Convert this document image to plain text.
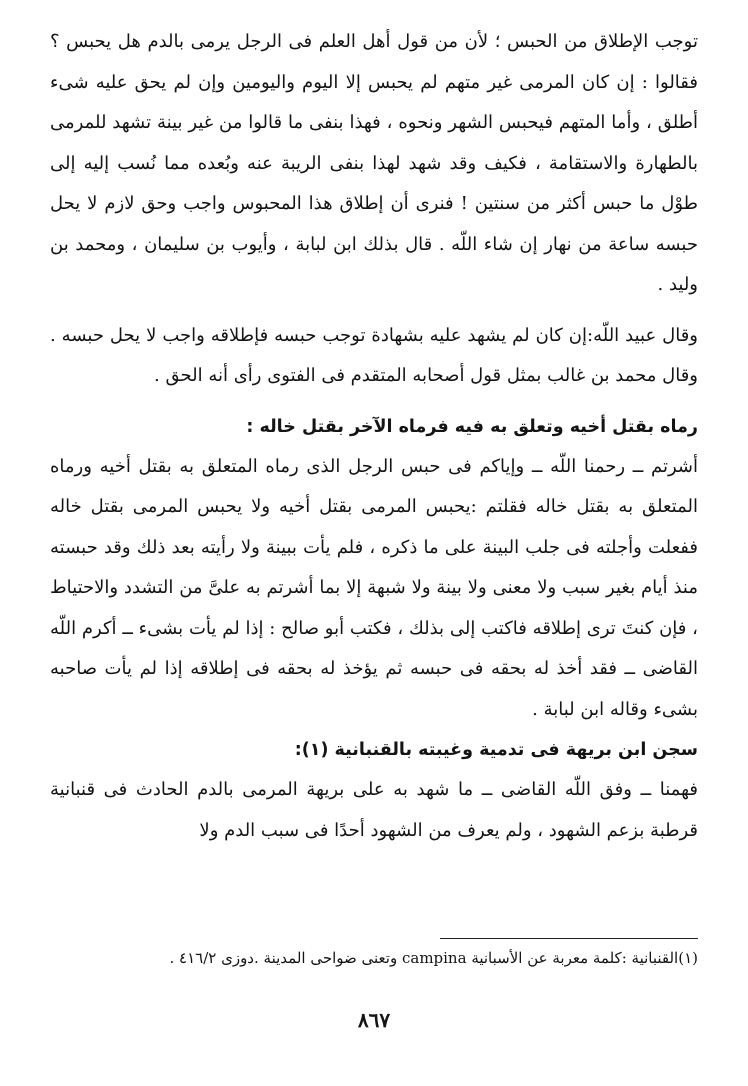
توجب الإطلاق من الحبس ؛ لأن من قول أهل العلم فى الرجل يرمى بالدم هل يحبس ؟ فقالوا : إن كان المرمى غير متهم لم يحبس إلا اليوم واليومين وإن لم يحق عليه شىء أطلق ، وأما المتهم فيحبس الشهر ونحوه ، فهذا بنفى ما قالوا من غير بينة تشهد للمرمى بالطهارة والاستقامة ، فكيف وقد شهد لهذا بنفى الريبة عنه وبُعده مما نُسب إليه إلى طوْل ما حبس أكثر من سنتين ! فنرى أن إطلاق هذا المحبوس واجب وحق لازم لا يحل حبسه ساعة من نهار إن شاء اللّه . قال بذلك ابن لبابة ، وأيوب بن سليمان ، ومحمد بن وليد .

وقال عبيد اللّه:إن كان لم يشهد عليه بشهادة توجب حبسه فإطلاقه واجب لا يحل حبسه . وقال محمد بن غالب بمثل قول أصحابه المتقدم فى الفتوى رأى أنه الحق .

رماه بقتل أخيه وتعلق به فيه فرماه الآخر بقتل خاله :

أشرتم ــ رحمنا اللّه ــ وإياكم فى حبس الرجل الذى رماه المتعلق به بقتل أخيه ورماه المتعلق به بقتل خاله فقلتم :يحبس المرمى بقتل أخيه ولا يحبس المرمى بقتل خاله ففعلت وأجلته فى جلب البينة على ما ذكره ، فلم يأت ببينة ولا رأيته بعد ذلك وقد حبسته منذ أيام بغير سبب ولا معنى ولا بينة ولا شبهة إلا بما أشرتم به علىَّ من التشدد والاحتياط ، فإن كنتَ ترى إطلاقه فاكتب إلى بذلك ، فكتب أبو صالح : إذا لم يأت بشىء ــ أكرم اللّه القاضى ــ فقد أخذ له بحقه فى حبسه ثم يؤخذ له بحقه فى إطلاقه إذا لم يأت صاحبه بشىء وقاله ابن لبابة .

سجن ابن بريهة فى تدمية وغيبته بالقنبانية (١):

فهمنا ــ وفق اللّه القاضى ــ ما شهد به على بريهة المرمى بالدم الحادث فى قنبانية قرطبة بزعم الشهود ، ولم يعرف من الشهود أحدًا فى سبب الدم ولا

(١)القنبانية :كلمة معربة عن الأسبانية campina وتعنى ضواحى المدينة .دوزى ٤١٦/٢ .
٨٦٧
